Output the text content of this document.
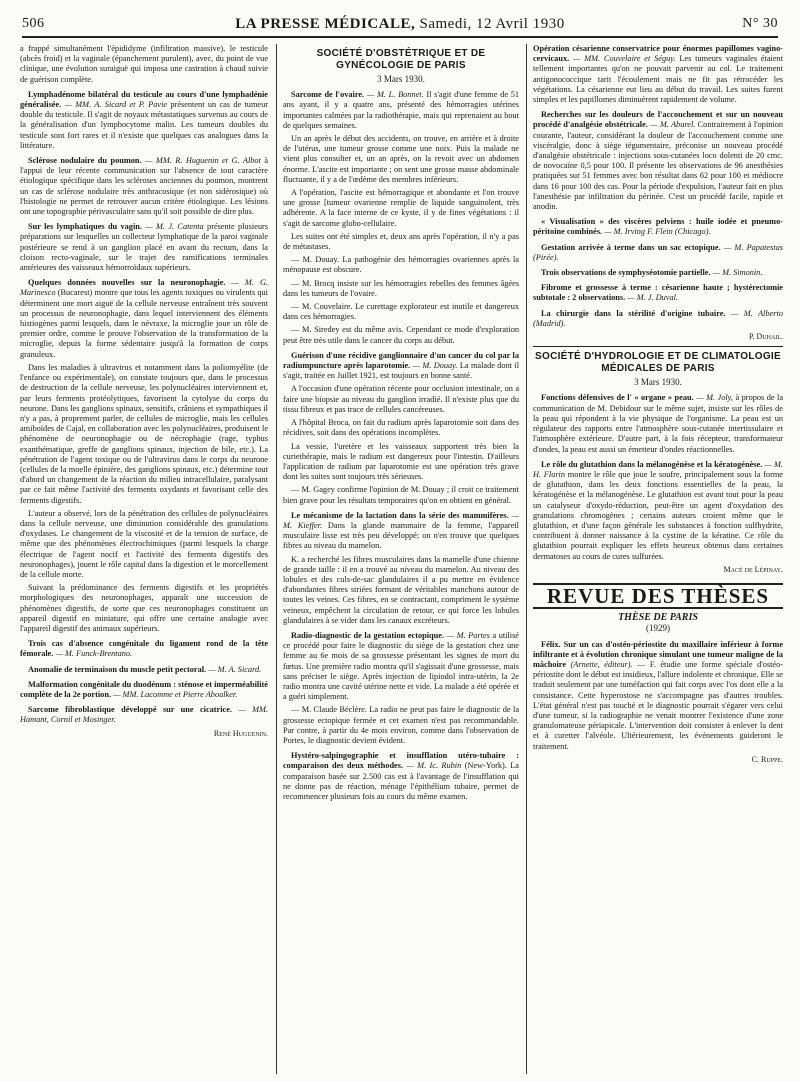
506	LA PRESSE MÉDICALE, Samedi, 12 Avril 1930	N° 30

a frappé simultanément l'épididyme (infiltration massive), le testicule (abcès froid) et la vaginale (épanchement purulent), avec, du point de vue clinique, une évolution suraiguë qui imposa une castration à chaud suivie de guérison complète.

Lymphadénome bilatéral du testicule au cours d'une lymphadénie généralisée. — MM. A. Sicard et P. Pavie présentent un cas de tumeur double du testicule. Il s'agit de noyaux métastatiques survenus au cours de la généralisation d'un lymphocytome malin. Les tumeurs doubles du testicule sont fort rares et il n'existe que quelques cas analogues dans la littérature.

Sclérose nodulaire du poumon. — MM. R. Huguenin et G. Albot à l'appui de leur récente communication sur l'absence de tout caractère étiologique spécifique dans les scléroses anciennes du poumon, montrent un cas de sclérose nodulaire très anthracosique (et non sidérosique) où l'histologie ne permet de retrouver aucun critère étiologique. Les lésions ont une topographie périvasculaire sans qu'il soit possible de dire plus.

Sur les lymphatiques du vagin. — M. J. Catenta présente plusieurs préparations sur lesquelles un collecteur lymphatique de la paroi vaginale postérieure se rend à un ganglion placé en avant du rectum, dans la cloison recto-vaginale, sur le trajet des ramifications terminales antérieures des vaisseaux hémorroïdaux supérieurs.

Quelques données nouvelles sur la neuronophagie. — M. G. Marinesco (Bucarest) montre que tous les agents toxiques ou virulents qui déterminent une mort aiguë de la cellule nerveuse entraînent très souvent un processus de neuronophagie, dans lequel interviennent des éléments histiogènes parmi lesquels, dans le névraxe, la microglie joue un rôle de premier ordre, comme le prouve l'observation de la transformation de la microglie, depuis la forme sédentaire jusqu'à la formation de corps granuleux.

Dans les maladies à ultravirus et notamment dans la poliomyélite (de l'enfance ou expérimentale), on constate toujours que, dans le processus de destruction de la cellule nerveuse, les polynucléaires interviennent et, par leurs ferments protéolytiques, favorisent la cytolyse du corps du neurone. Dans les ganglions spinaux, sensitifs, crâniens et sympathiques il n'y a pas, à proprement parler, de cellules de microglie, mais les cellules amiboïdes de Cajal, en collaboration avec les polynucléaires, produisent le phénomène de neuronophagie ou de nécrophagie (rage, typhus exanthématique, greffe de ganglions spinaux, injection de bile, etc.). La pénétration de l'agent toxique ou de l'ultravirus dans le corps du neurone (cellules de la moelle épinière, des ganglions spinaux, etc.) détermine tout d'abord un changement de la réaction du milieu intracellulaire, paralysant par ce fait même l'activité des ferments oxydants et favorisant celle des ferments digestifs.

L'auteur a observé, lors de la pénétration des cellules de polynucléaires dans la cellule nerveuse, une diminution considérable des granulations d'oxydases. Le changement de la viscosité et de la tension de surface, de même que des phénomènes électrochimiques (parmi lesquels la charge électrique de l'agent nocif et l'activité des ferments digestifs des neuronophages), jouent le rôle capital dans la digestion et le morcellement de la cellule morte.

Suivant la prédominance des ferments digestifs et les propriétés morphologiques des neuronophages, apparaît une succession de phénomènes digestifs, de sorte que ces neuronophages constituent un appareil digestif en miniature, qui offre une certaine analogie avec l'appareil digestif des animaux supérieurs.

Trois cas d'absence congénitale du ligament rond de la tête fémorale. — M. Funck-Brentano.

Anomalie de terminaison du muscle petit pectoral. — M. A. Sicard.

Malformation congénitale du duodénum : sténose et imperméabilité complète de la 2e portion. — MM. Lacomme et Pierre Aboulker.

Sarcome fibroblastique développé sur une cicatrice. — MM. Hamant, Cornil et Mosinger.

René Huguenin.
SOCIÉTÉ D'OBSTÉTRIQUE ET DE GYNÉCOLOGIE DE PARIS
3 Mars 1930.

Sarcome de l'ovaire. — M. L. Bonnet. Il s'agit d'une femme de 51 ans ayant, il y a quatre ans, présenté des hémorragies utérines importantes calmées par la radiothérapie, mais qui reprenaient au bout de quelques semaines.

Un an après le début des accidents, on trouve, en arrière et à droite de l'utérus, une tumeur grosse comme une noix. Puis la malade ne vient plus consulter et, un an après, on la revoit avec un abdomen énorme. L'ascite est importante ; on sent une grosse masse abdominale fluctuante, il y a de l'œdème des membres inférieurs.

A l'opération, l'ascite est hémorragique et abondante et l'on trouve une grosse [tumeur ovarienne remplie de liquide sanguinolent, très adhérente. A la face interne de ce kyste, il y de fines végétations : il s'agit de sarcome globo-cellulaire.

Les suites ont été simples et, deux ans après l'opération, il n'y a pas de métastases.

— M. Douay. La pathogénie des hémorragies ovariennes après la ménopause est obscure.

— M. Brocq insiste sur les hémorragies rebelles des femmes âgées dans les tumeurs de l'ovaire.

— M. Couvelaire. Le curettage explorateur est inutile et dangereux dans ces hémorragies.

— M. Siredey est du même avis. Cependant ce mode d'exploration peut être très utile dans le cancer du corps au début.

Guérison d'une récidive ganglionnaire d'un cancer du col par la radiumpuncture après laparotomie. — M. Douay. La malade dont il s'agit, traitée en Juillet 1921, est toujours en bonne santé.

A l'occasion d'une opération récente pour occlusion intestinale, on a faire une biopsie au niveau du ganglion irradié. Il n'existe plus que du tissu fibreux et pas trace de cellules cancéreuses.

A l'hôpital Broca, on fait du radium après laparotomie soit dans des récidives, soit dans des opérations incomplètes.

La vessie, l'uretère et les vaisseaux supportent très bien la curiethérapie, mais le radium est dangereux pour l'intestin. D'ailleurs l'application de radium par laparotomie est une opération très grave dont les suites sont toujours très sérieuses.

— M. Gagey confirme l'opinion de M. Douay ; il croit ce traitement bien grave pour les résultats temporaires qu'on en obtient en général.

Le mécanisme de la lactation dans la série des mammifères. — M. Kieffer. Dans la glande mammaire de la femme, l'appareil musculaire lisse est très peu développé; on n'en trouve que quelques fibres au niveau du mamelon.

K. a recherché les fibres musculaires dans la mamelle d'une chienne de grande taille : il en a trouvé au niveau du mamelon. Au niveau des lobules et des culs-de-sac glandulaires il a pu mettre en évidence d'abondantes fibres striées formant de véritables manchons autour de toutes les veines. Ces fibres, en se contractant, compriment le système veineux, empêchent la circulation de retour, ce qui force les lobules glandulaires à se vider dans les canaux excréteurs.

Radio-diagnostic de la gestation ectopique. — M. Portes a utilisé ce procédé pour faire le diagnostic du siège de la gestation chez une femme au 6e mois de sa grossesse présentant les signes de mort du fœtus. Une première radio montra qu'il s'agissait d'une grossesse, mais sans préciser le siège. Après injection de lipiodol intra-utérin, la 2e radio montra une cavité utérine nette et vide. La malade a été opérée et a guéri simplement.

— M. Claude Béclère. La radio ne peut pas faire le diagnostic de la grossesse ectopique fermée et cet examen n'est pas recommandable. Par contre, à partir du 4e mois environ, comme dans l'observation de Portes, le diagnostic devient évident.

Hystéro-salpingographie et insufflation utéro-tubaire : comparaison des deux méthodes. — M. Ic. Rubin (New-York). La comparaison basée sur 2.500 cas est à l'avantage de l'insufflation qui ne donne pas de réaction, ménage l'épithélium tubaire, permet de recommencer plusieurs fois au cours du même examen.

Opération césarienne conservatrice pour énormes papillomes vagino-cervicaux. — MM. Couvelaire et Séguy. Les tumeurs vaginales étaient tellement importantes qu'on ne pouvait parvenir au col. Le traitement antigonococcique tarit l'écoulement mais ne fit pas rétrocéder les végétations. La césarienne eut lieu au début du travail. Les suites furent simples et les papillomes diminuèrent rapidement de volume.

Recherches sur les douleurs de l'accouchement et sur un nouveau procédé d'analgésie obstétricale. — M. Aburel. Contrairement à l'opinion courante, l'auteur, considérant la douleur de l'accouchement comme une viscéralgie, donc à siège tégumentaire, préconise un nouveau procédé d'analgésie obstétricale : injections sous-cutanées loco dolenti de 20 cmc. de novocaïne 0,5 pour 100. Il présente les observations de 96 anesthésies pratiquées sur 51 femmes avec bon résultat dans 62 pour 100 et médiocre dans 16 pour 100 des cas. Pour la période d'expulsion, l'auteur fait en plus l'anesthésie par infiltration du périnée. C'est un procédé facile, rapide et anodin.

« Visualisation » des viscères pelviens : huile iodée et pneumo-péritoine combinés. — M. Irving F. Flein (Chicago).

Gestation arrivée à terme dans un sac ectopique. — M. Papatestas (Pirée).

Trois observations de symphyséotomie partielle. — M. Simonin.

Fibrome et grossesse à terme : césarienne haute ; hystérectomie subtotale : 2 observations. — M. J. Duval.

La chirurgie dans la stérilité d'origine tubaire. — M. Alberto (Madrid).

P. Duhail.
SOCIÉTÉ D'HYDROLOGIE ET DE CLIMATOLOGIE MÉDICALES DE PARIS
3 Mars 1930.

Fonctions défensives de l' « organe » peau. — M. Joly, à propos de la communication de M. Debidour sur le même sujet, insiste sur les rôles de la peau qui répondent à la vie physique de l'organisme. La peau est un régulateur des rapports entre l'atmosphère sous-cutanée intertissulaire et l'atmosphère extérieure. D'autre part, à la fois récepteur, transformateur d'ondes, la peau est aussi un émetteur d'ondes réactionnelles.

Le rôle du glutathion dans la mélanogénèse et la kératogénèse. — M. H. Flurin montre le rôle que joue le soufre, principalement sous la forme de glutathion, dans les deux fonctions essentielles de la peau, la kératogénèse et la mélanogénèse. Le glutathion est avant tout pour la peau un catalyseur d'oxydo-réduction, peut-être un agent d'oxydation des granulations chromogènes ; certains auteurs croient même que le glutathion, et d'une façon générale les substances à fonction sulfhydrite, contribuent à donner naissance à la cystine de la kératine. Ce rôle du glutathion pourrait expliquer les effets heureux obtenus dans certaines dermatoses au cours de cures sulfurées.

Macé de Lépinay.
REVUE DES THÈSES
THÈSE DE PARIS
(1929)

Félix. Sur un cas d'ostéo-périostite du maxillaire inférieur à forme infiltrante et à évolution chronique simulant une tumeur maligne de la mâchoire (Arnette, éditeur). — F. étudie une forme spéciale d'ostéo-périostite dont le début est insidieux, l'allure indolente et chronique. Elle se traduit seulement par une tuméfaction qui fait corps avec l'os dont elle a la consistance. Cette hyperostose ne s'accompagne pas d'autres troubles. L'état général n'est pas touché et le diagnostic pourrait s'égarer vers celui d'une tumeur, si la radiographie ne venait montrer l'existence d'une zone granulomateuse périapicale. L'intervention doit consister à enlever la dent et à curetter l'alvéole. Ultérieurement, les événements guideront le traitement.

C. Ruppe.
